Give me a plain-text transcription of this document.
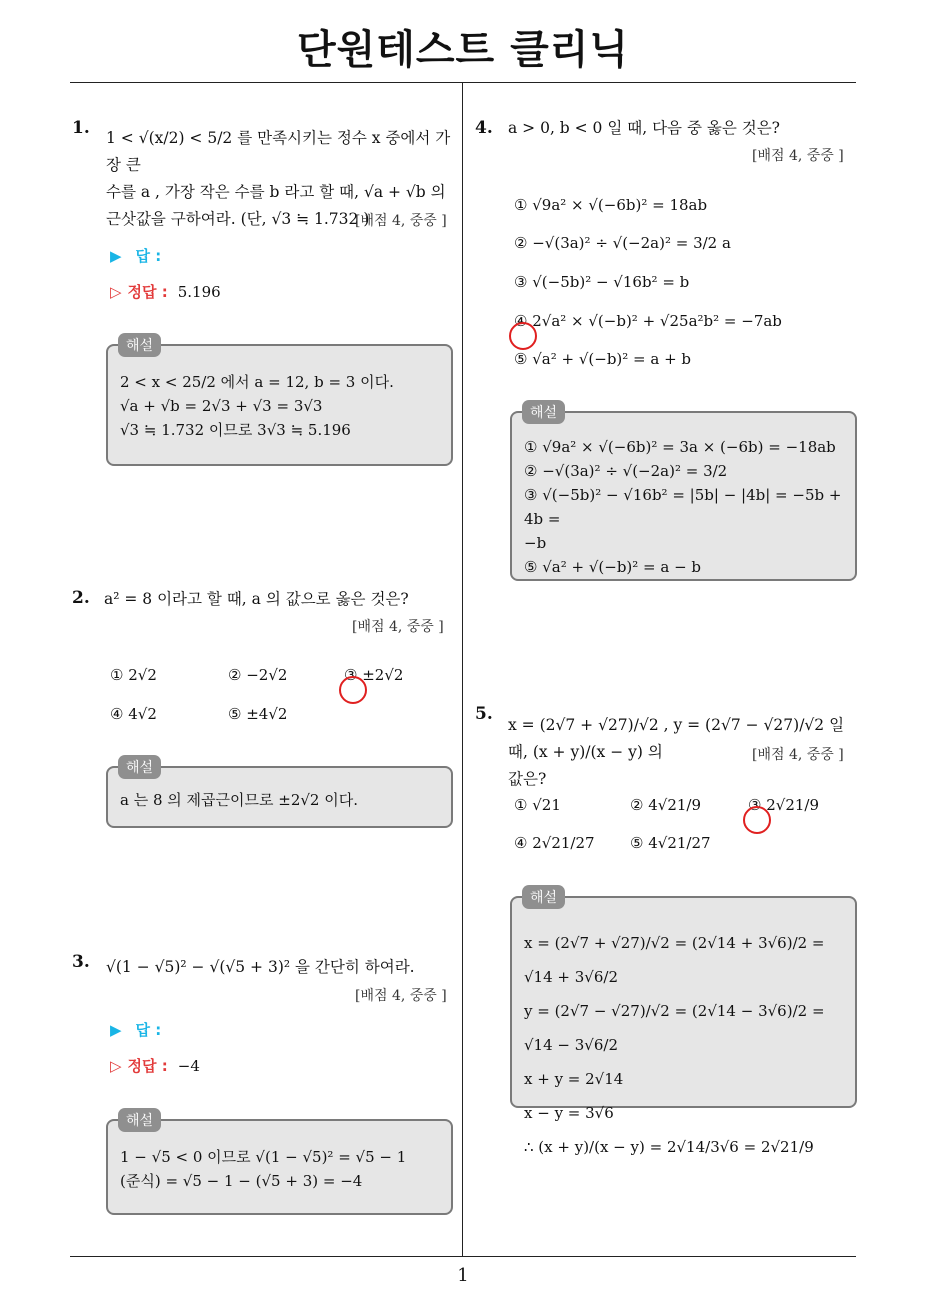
단원테스트 클리닉
1
1. 1 < √(x/2) < 5/2 를 만족시키는 정수 x 중에서 가장 큰
수를 a , 가장 작은 수를 b 라고 할 때, √a + √b 의
근삿값을 구하여라. (단, √3 ≒ 1.732 )
[배점 4, 중중 ]
▶ 답 :
▷ 정답 : 5.196
2 < x < 25/2 에서 a = 12, b = 3 이다.
√a + √b = 2√3 + √3 = 3√3
√3 ≒ 1.732 이므로 3√3 ≒ 5.196
해설
2. a² = 8 이라고 할 때, a 의 값으로 옳은 것은?
[배점 4, 중중 ]
① 2√2	② −2√2	③ ±2√2
④ 4√2	⑤ ±4√2
a 는 8 의 제곱근이므로 ±2√2 이다.
해설
3. √(1 − √5)² − √(√5 + 3)² 을 간단히 하여라.
[배점 4, 중중 ]
▶ 답 :
▷ 정답 : −4
1 − √5 < 0 이므로 √(1 − √5)² = √5 − 1
(준식) = √5 − 1 − (√5 + 3) = −4
해설
4. a > 0, b < 0 일 때, 다음 중 옳은 것은?
[배점 4, 중중 ]
① √9a² × √(−6b)² = 18ab
② −√(3a)² ÷ √(−2a)² = 3/2 a
③ √(−5b)² − √16b² = b
④ 2√a² × √(−b)² + √25a²b² = −7ab
⑤ √a² + √(−b)² = a + b
① √9a² × √(−6b)² = 3a × (−6b) = −18ab
② −√(3a)² ÷ √(−2a)² = 3/2
③ √(−5b)² − √16b² = |5b| − |4b| = −5b + 4b =
−b
⑤ √a² + √(−b)² = a − b
해설
5.
x = (2√7 + √27)/√2 , y = (2√7 − √27)/√2 일 때, (x + y)/(x − y) 의
값은?
[배점 4, 중중 ]
① √21	② 4√21/9	③ 2√21/9
④ 2√21/27 ⑤ 4√21/27
x = (2√7 + √27)/√2 = (2√14 + 3√6)/2 = √14 + 3√6/2
y = (2√7 − √27)/√2 = (2√14 − 3√6)/2 = √14 − 3√6/2
x + y = 2√14
x − y = 3√6
∴ (x + y)/(x − y) = 2√14/3√6 = 2√21/9
해설
